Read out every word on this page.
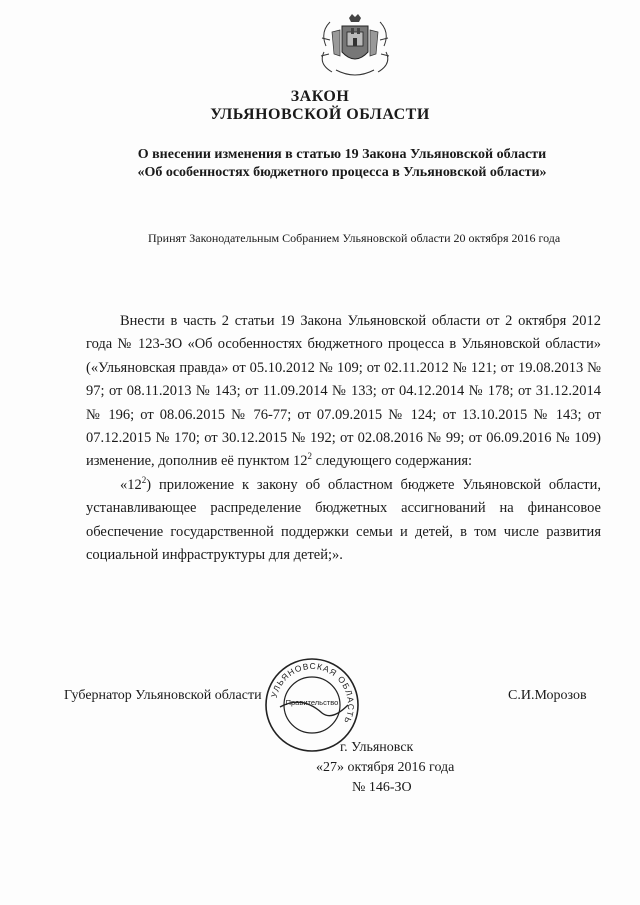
ЗАКОН
УЛЬЯНОВСКОЙ ОБЛАСТИ
О внесении изменения в статью 19 Закона Ульяновской области
«Об особенностях бюджетного процесса в Ульяновской области»
Принят Законодательным Собранием Ульяновской области 20 октября 2016 года

Внести в часть 2 статьи 19 Закона Ульяновской области от 2 октября 2012 года № 123-ЗО «Об особенностях бюджетного процесса в Ульяновской области» («Ульяновская правда» от 05.10.2012 № 109; от 02.11.2012 № 121; от 19.08.2013 № 97; от 08.11.2013 № 143; от 11.09.2014 № 133; от 04.12.2014 № 178; от 31.12.2014 № 196; от 08.06.2015 № 76-77; от 07.09.2015 № 124; от 13.10.2015 № 143; от 07.12.2015 № 170; от 30.12.2015 № 192; от 02.08.2016 № 99; от 06.09.2016 № 109) изменение, дополнив её пунктом $12^2$ следующего содержания:

«$12^2$) приложение к закону об областном бюджете Ульяновской области, устанавливающее распределение бюджетных ассигнований на финансовое обеспечение государственной поддержки семьи и детей, в том числе развития социальной инфраструктуры для детей;».

Губернатор Ульяновской области	С.И.Морозов
УЛЬЯНОВСКАЯ ОБЛАСТЬ
Правительство
г. Ульяновск
«27» октября 2016 года
№ 146-ЗО
